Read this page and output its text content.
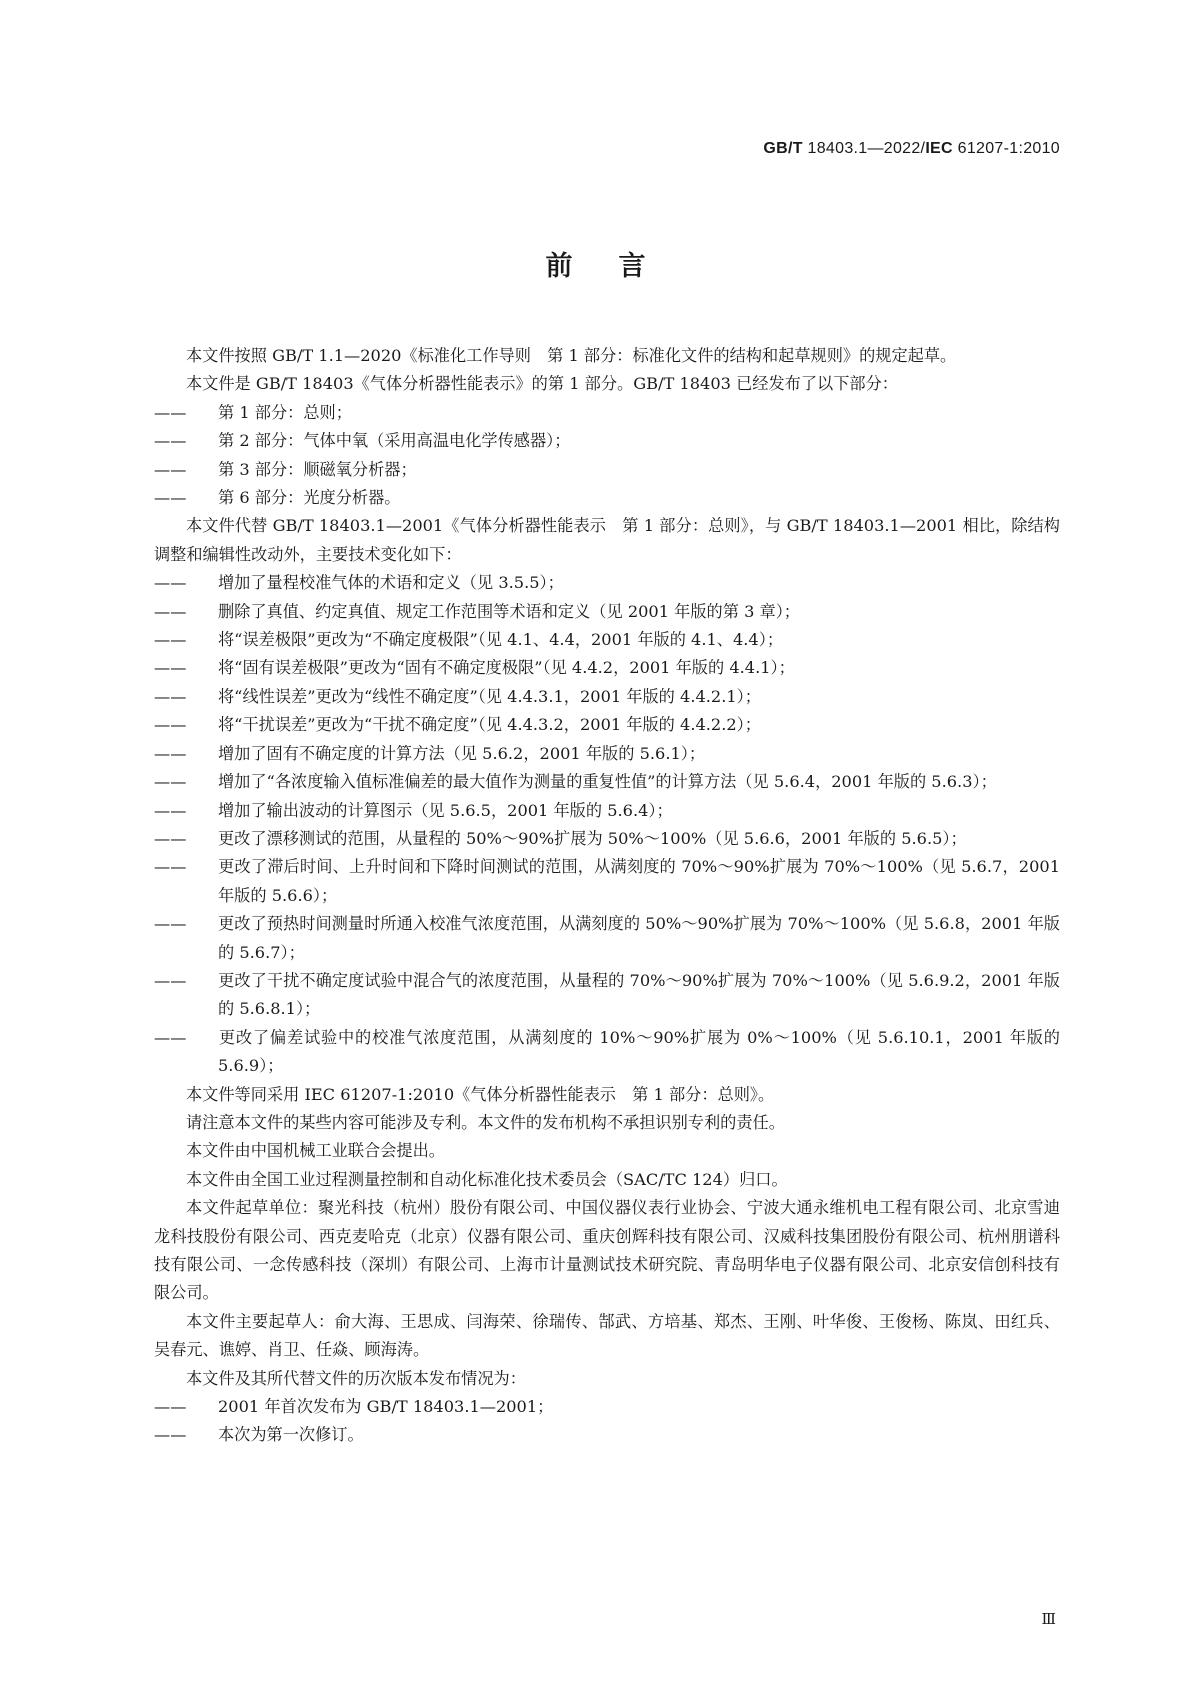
GB/T 18403.1—2022/IEC 61207-1:2010
前言

本文件按照 GB/T 1.1—2020《标准化工作导则　第 1 部分：标准化文件的结构和起草规则》的规定起草。

本文件是 GB/T 18403《气体分析器性能表示》的第 1 部分。GB/T 18403 已经发布了以下部分：

—— 第 1 部分：总则；

—— 第 2 部分：气体中氧（采用高温电化学传感器）；

—— 第 3 部分：顺磁氧分析器；

—— 第 6 部分：光度分析器。

本文件代替 GB/T 18403.1—2001《气体分析器性能表示　第 1 部分：总则》，与 GB/T 18403.1—2001 相比，除结构调整和编辑性改动外，主要技术变化如下：

—— 增加了量程校准气体的术语和定义（见 3.5.5）；

—— 删除了真值、约定真值、规定工作范围等术语和定义（见 2001 年版的第 3 章）；

—— 将“误差极限”更改为“不确定度极限”（见 4.1、4.4，2001 年版的 4.1、4.4）；

—— 将“固有误差极限”更改为“固有不确定度极限”（见 4.4.2，2001 年版的 4.4.1）；

—— 将“线性误差”更改为“线性不确定度”（见 4.4.3.1，2001 年版的 4.4.2.1）；

—— 将“干扰误差”更改为“干扰不确定度”（见 4.4.3.2，2001 年版的 4.4.2.2）；

—— 增加了固有不确定度的计算方法（见 5.6.2，2001 年版的 5.6.1）；

—— 增加了“各浓度输入值标准偏差的最大值作为测量的重复性值”的计算方法（见 5.6.4，2001 年版的 5.6.3）；

—— 增加了输出波动的计算图示（见 5.6.5，2001 年版的 5.6.4）；

—— 更改了漂移测试的范围，从量程的 50%～90%扩展为 50%～100%（见 5.6.6，2001 年版的 5.6.5）；

—— 更改了滞后时间、上升时间和下降时间测试的范围，从满刻度的 70%～90%扩展为 70%～100%（见 5.6.7，2001 年版的 5.6.6）；

—— 更改了预热时间测量时所通入校准气浓度范围，从满刻度的 50%～90%扩展为 70%～100%（见 5.6.8，2001 年版的 5.6.7）；

—— 更改了干扰不确定度试验中混合气的浓度范围，从量程的 70%～90%扩展为 70%～100%（见 5.6.9.2，2001 年版的 5.6.8.1）；

—— 更改了偏差试验中的校准气浓度范围，从满刻度的 10%～90%扩展为 0%～100%（见 5.6.10.1，2001 年版的 5.6.9）；

本文件等同采用 IEC 61207-1:2010《气体分析器性能表示　第 1 部分：总则》。

请注意本文件的某些内容可能涉及专利。本文件的发布机构不承担识别专利的责任。

本文件由中国机械工业联合会提出。

本文件由全国工业过程测量控制和自动化标准化技术委员会（SAC/TC 124）归口。

本文件起草单位：聚光科技（杭州）股份有限公司、中国仪器仪表行业协会、宁波大通永维机电工程有限公司、北京雪迪龙科技股份有限公司、西克麦哈克（北京）仪器有限公司、重庆创辉科技有限公司、汉威科技集团股份有限公司、杭州朋谱科技有限公司、一念传感科技（深圳）有限公司、上海市计量测试技术研究院、青岛明华电子仪器有限公司、北京安信创科技有限公司。

本文件主要起草人：俞大海、王思成、闫海荣、徐瑞传、郜武、方培基、郑杰、王刚、叶华俊、王俊杨、陈岚、田红兵、吴春元、谯婷、肖卫、任焱、顾海涛。

本文件及其所代替文件的历次版本发布情况为：

—— 2001 年首次发布为 GB/T 18403.1—2001；

—— 本次为第一次修订。

Ⅲ
